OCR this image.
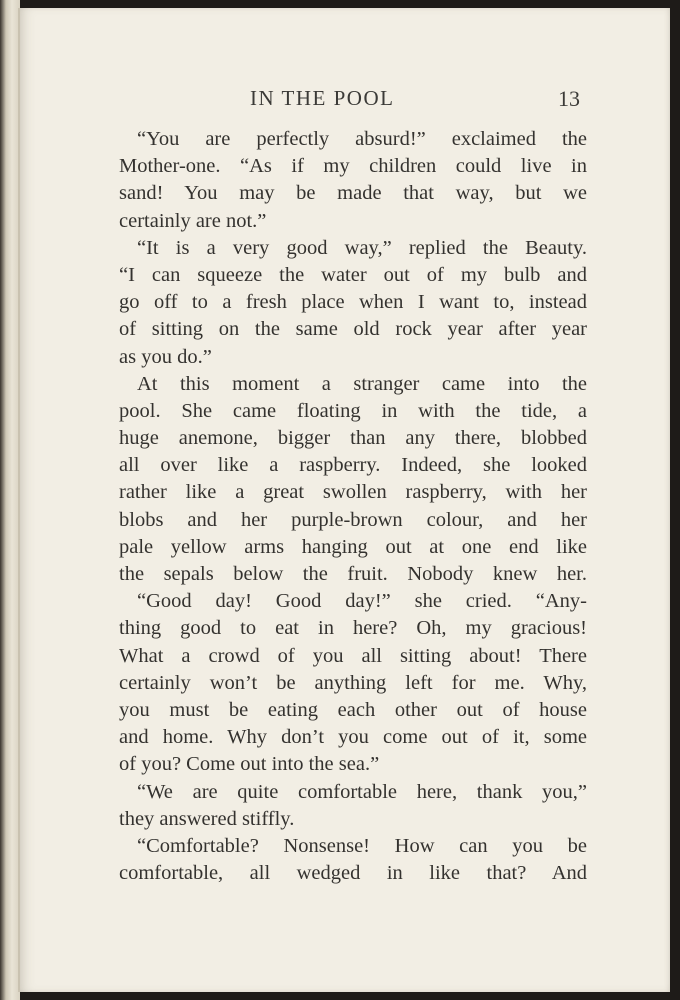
IN THE POOL	13
“You are perfectly absurd!” exclaimed the
Mother-one. “As if my children could live in
sand! You may be made that way, but we
certainly are not.”
“It is a very good way,” replied the Beauty.
“I can squeeze the water out of my bulb and
go off to a fresh place when I want to, instead
of sitting on the same old rock year after year
as you do.”
At this moment a stranger came into the
pool. She came floating in with the tide, a
huge anemone, bigger than any there, blobbed
all over like a raspberry. Indeed, she looked
rather like a great swollen raspberry, with her
blobs and her purple-brown colour, and her
pale yellow arms hanging out at one end like
the sepals below the fruit. Nobody knew her.
“Good day! Good day!” she cried. “Any-
thing good to eat in here? Oh, my gracious!
What a crowd of you all sitting about! There
certainly won’t be anything left for me. Why,
you must be eating each other out of house
and home. Why don’t you come out of it, some
of you? Come out into the sea.”
“We are quite comfortable here, thank you,”
they answered stiffly.
“Comfortable? Nonsense! How can you be
comfortable, all wedged in like that? And
